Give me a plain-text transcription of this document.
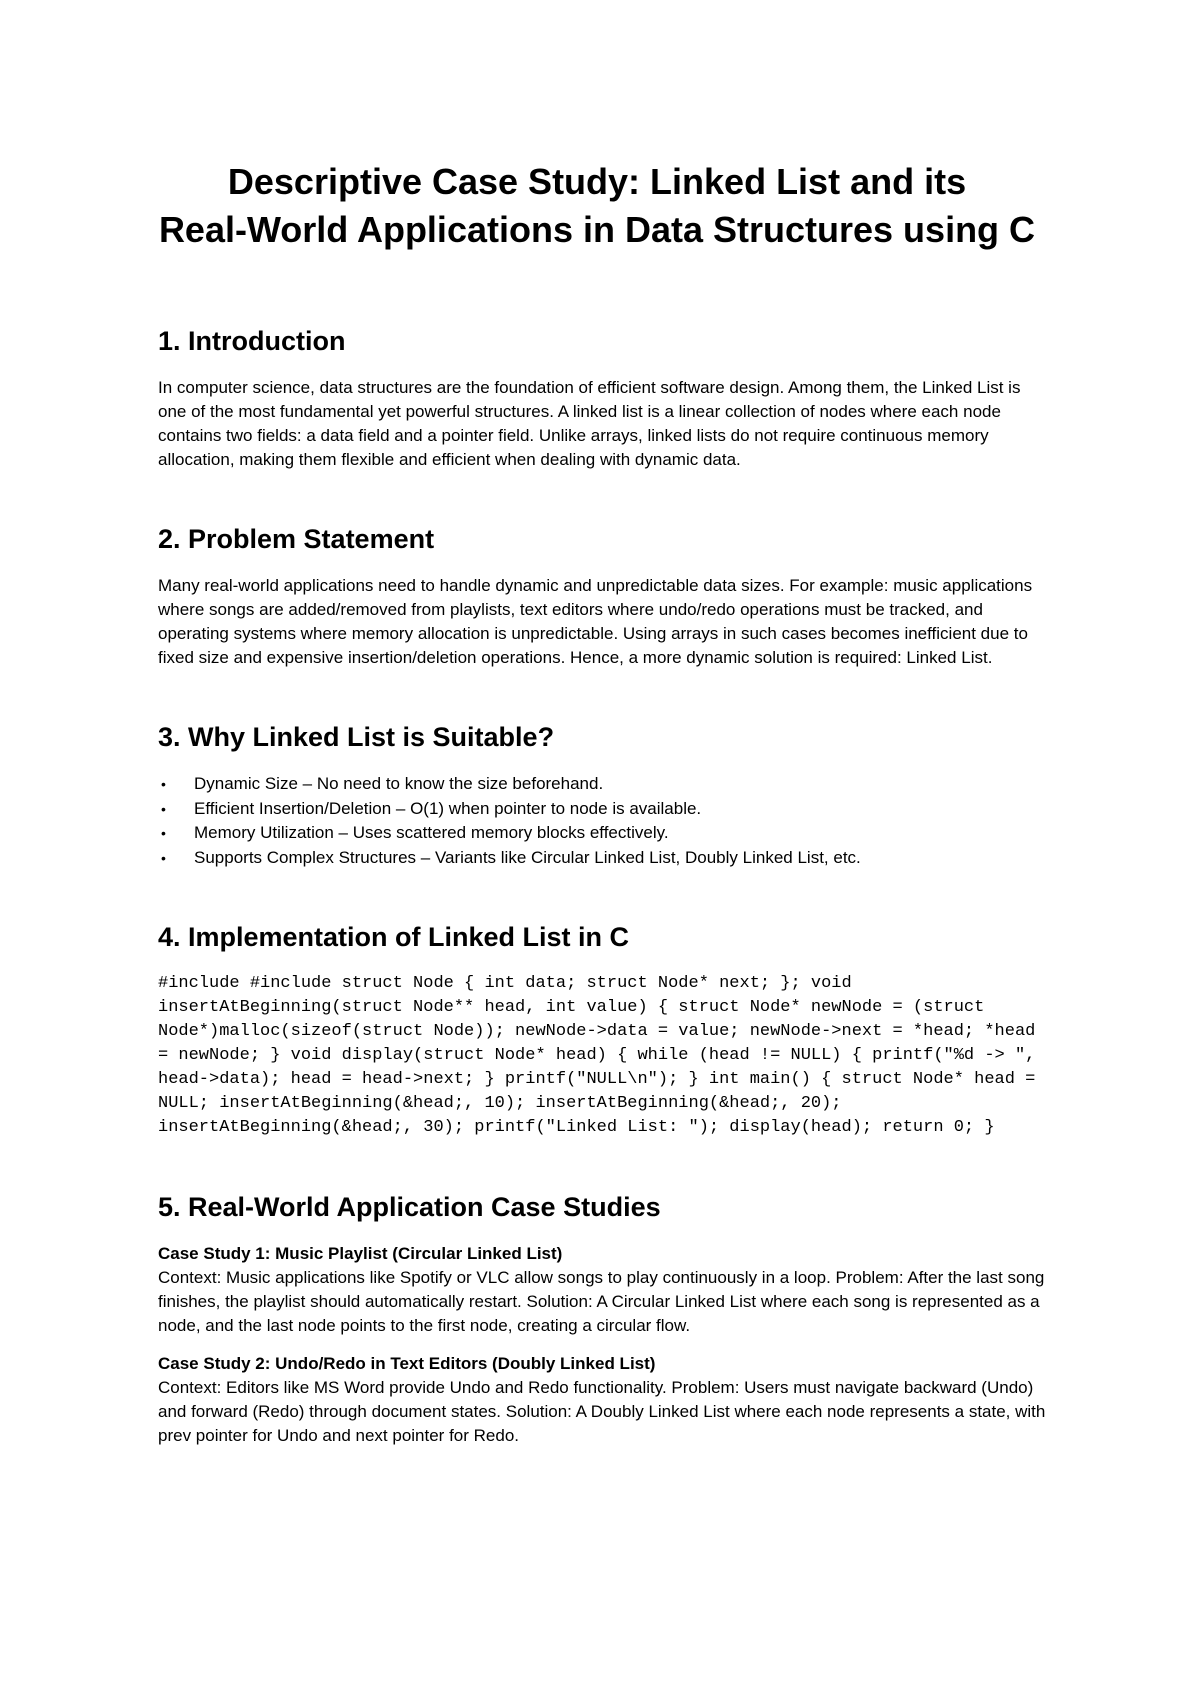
Descriptive Case Study: Linked List and its
Real-World Applications in Data Structures using C
1. Introduction

In computer science, data structures are the foundation of efficient software design. Among them, the Linked List is one of the most fundamental yet powerful structures. A linked list is a linear collection of nodes where each node contains two fields: a data field and a pointer field. Unlike arrays, linked lists do not require continuous memory allocation, making them flexible and efficient when dealing with dynamic data.

2. Problem Statement

Many real-world applications need to handle dynamic and unpredictable data sizes. For example: music applications where songs are added/removed from playlists, text editors where undo/redo operations must be tracked, and operating systems where memory allocation is unpredictable. Using arrays in such cases becomes inefficient due to fixed size and expensive insertion/deletion operations. Hence, a more dynamic solution is required: Linked List.

3. Why Linked List is Suitable?
• Dynamic Size – No need to know the size beforehand.
• Efficient Insertion/Deletion – O(1) when pointer to node is available.
• Memory Utilization – Uses scattered memory blocks effectively.
• Supports Complex Structures – Variants like Circular Linked List, Doubly Linked List, etc.
4. Implementation of Linked List in C

#include #include struct Node { int data; struct Node* next; }; void insertAtBeginning(struct Node** head, int value) { struct Node* newNode = (struct Node*)malloc(sizeof(struct Node)); newNode->data = value; newNode->next = *head; *head = newNode; } void display(struct Node* head) { while (head != NULL) { printf("%d -> ", head->data); head = head->next; } printf("NULL\n"); } int main() { struct Node* head = NULL; insertAtBeginning(&head;, 10); insertAtBeginning(&head;, 20); insertAtBeginning(&head;, 30); printf("Linked List: "); display(head); return 0; }

5. Real-World Application Case Studies

Case Study 1: Music Playlist (Circular Linked List)

Context: Music applications like Spotify or VLC allow songs to play continuously in a loop. Problem: After the last song finishes, the playlist should automatically restart. Solution: A Circular Linked List where each song is represented as a node, and the last node points to the first node, creating a circular flow.

Case Study 2: Undo/Redo in Text Editors (Doubly Linked List)

Context: Editors like MS Word provide Undo and Redo functionality. Problem: Users must navigate backward (Undo) and forward (Redo) through document states. Solution: A Doubly Linked List where each node represents a state, with prev pointer for Undo and next pointer for Redo.
